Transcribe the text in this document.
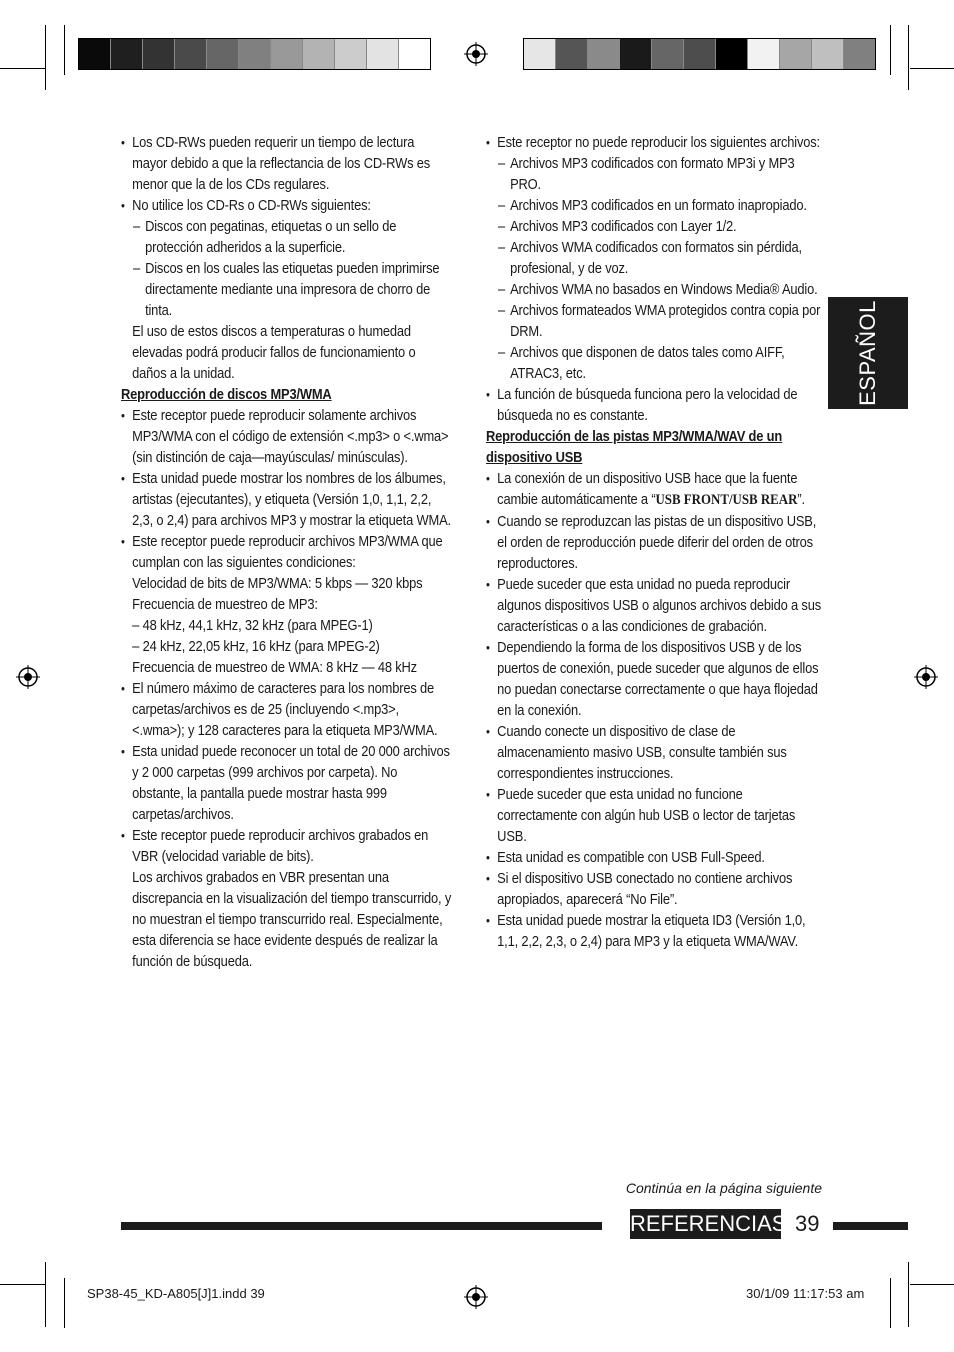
• Los CD-RWs pueden requerir un tiempo de lectura mayor debido a que la reflectancia de los CD-RWs es menor que la de los CDs regulares.

• No utilice los CD-Rs o CD-RWs siguientes:

– Discos con pegatinas, etiquetas o un sello de protección adheridos a la superficie.

– Discos en los cuales las etiquetas pueden imprimirse directamente mediante una impresora de chorro de tinta.

El uso de estos discos a temperaturas o humedad elevadas podrá producir fallos de funcionamiento o daños a la unidad.

Reproducción de discos MP3/WMA

• Este receptor puede reproducir solamente archivos MP3/WMA con el código de extensión <.mp3> o <.wma> (sin distinción de caja—mayúsculas/ minúsculas).

• Esta unidad puede mostrar los nombres de los álbumes, artistas (ejecutantes), y etiqueta (Versión 1,0, 1,1, 2,2, 2,3, o 2,4) para archivos MP3 y mostrar la etiqueta WMA.

• Este receptor puede reproducir archivos MP3/WMA que cumplan con las siguientes condiciones:

Velocidad de bits de MP3/WMA: 5 kbps — 320 kbps

Frecuencia de muestreo de MP3:

– 48 kHz, 44,1 kHz, 32 kHz (para MPEG-1)

– 24 kHz, 22,05 kHz, 16 kHz (para MPEG-2)

Frecuencia de muestreo de WMA: 8 kHz — 48 kHz

• El número máximo de caracteres para los nombres de carpetas/archivos es de 25 (incluyendo <.mp3>, <.wma>); y 128 caracteres para la etiqueta MP3/WMA.

• Esta unidad puede reconocer un total de 20 000 archivos y 2 000 carpetas (999 archivos por carpeta). No obstante, la pantalla puede mostrar hasta 999 carpetas/archivos.

• Este receptor puede reproducir archivos grabados en VBR (velocidad variable de bits).

Los archivos grabados en VBR presentan una discrepancia en la visualización del tiempo transcurrido, y no muestran el tiempo transcurrido real. Especialmente, esta diferencia se hace evidente después de realizar la función de búsqueda.

• Este receptor no puede reproducir los siguientes archivos:

– Archivos MP3 codificados con formato MP3i y MP3 PRO.

– Archivos MP3 codificados en un formato inapropiado.

– Archivos MP3 codificados con Layer 1/2.

– Archivos WMA codificados con formatos sin pérdida, profesional, y de voz.

– Archivos WMA no basados en Windows Media® Audio.

– Archivos formateados WMA protegidos contra copia por DRM.

– Archivos que disponen de datos tales como AIFF, ATRAC3, etc.

• La función de búsqueda funciona pero la velocidad de búsqueda no es constante.

Reproducción de las pistas MP3/WMA/WAV de un dispositivo USB

• La conexión de un dispositivo USB hace que la fuente cambie automáticamente a “USB FRONT/USB REAR”.

• Cuando se reproduzcan las pistas de un dispositivo USB, el orden de reproducción puede diferir del orden de otros reproductores.

• Puede suceder que esta unidad no pueda reproducir algunos dispositivos USB o algunos archivos debido a sus características o a las condiciones de grabación.

• Dependiendo la forma de los dispositivos USB y de los puertos de conexión, puede suceder que algunos de ellos no puedan conectarse correctamente o que haya flojedad en la conexión.

• Cuando conecte un dispositivo de clase de almacenamiento masivo USB, consulte también sus correspondientes instrucciones.

• Puede suceder que esta unidad no funcione correctamente con algún hub USB o lector de tarjetas USB.

• Esta unidad es compatible con USB Full-Speed.

• Si el dispositivo USB conectado no contiene archivos apropiados, aparecerá “No File”.

• Esta unidad puede mostrar la etiqueta ID3 (Versión 1,0, 1,1, 2,2, 2,3, o 2,4) para MP3 y la etiqueta WMA/WAV.

ESPAÑOL
Continúa en la página siguiente
REFERENCIAS 39
SP38-45_KD-A805[J]1.indd 39	30/1/09 11:17:53 am
